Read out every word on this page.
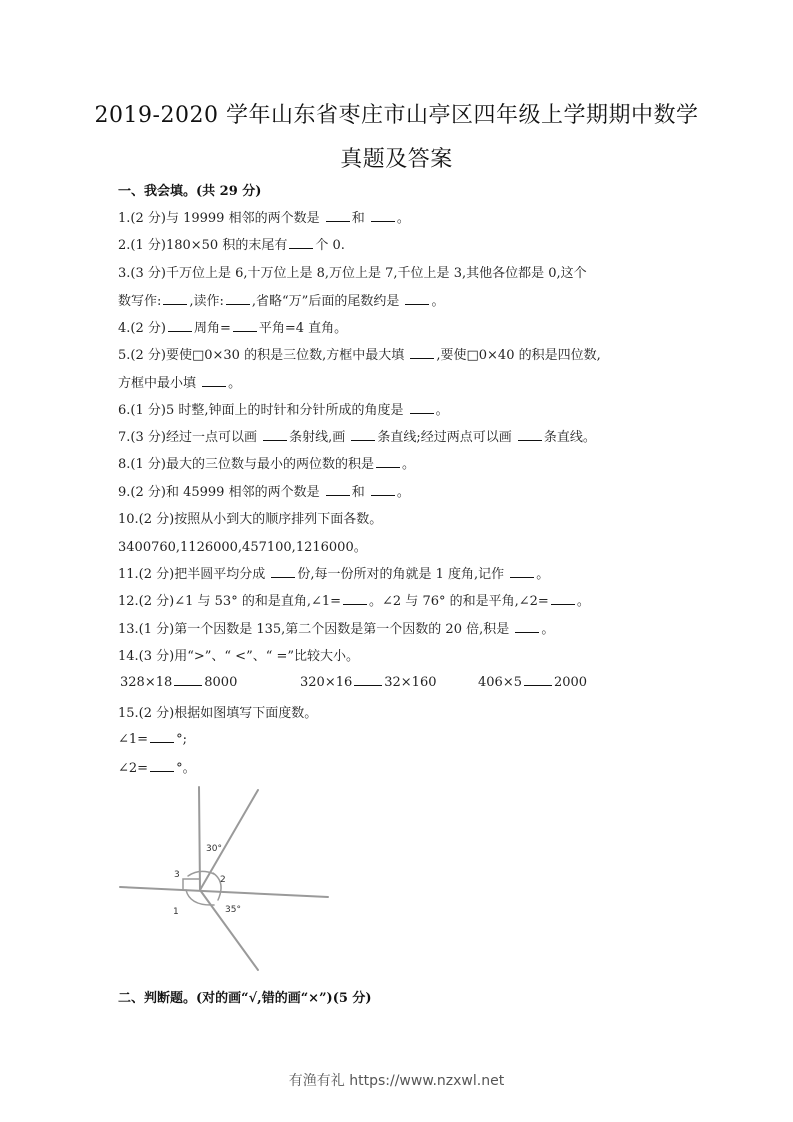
2019-2020 学年山东省枣庄市山亭区四年级上学期期中数学
真题及答案
一、我会填。(共 29 分)
1.(2 分)与 19999 相邻的两个数是 和 。
2.(1 分)180×50 积的末尾有 个 0.
3.(3 分)千万位上是 6,十万位上是 8,万位上是 7,千位上是 3,其他各位都是 0,这个
数写作: ,读作: ,省略“万”后面的尾数约是 。
4.(2 分) 周角= 平角=4 直角。
5.(2 分)要使□0×30 的积是三位数,方框中最大填 ,要使□0×40 的积是四位数,
方框中最小填 。
6.(1 分)5 时整,钟面上的时针和分针所成的角度是 。
7.(3 分)经过一点可以画 条射线,画 条直线;经过两点可以画 条直线。
8.(1 分)最大的三位数与最小的两位数的积是 。
9.(2 分)和 45999 相邻的两个数是 和 。
10.(2 分)按照从小到大的顺序排列下面各数。
3400760,1126000,457100,1216000。
11.(2 分)把半圆平均分成 份,每一份所对的角就是 1 度角,记作 。
12.(2 分)∠1 与 53° 的和是直角,∠1= 。∠2 与 76° 的和是平角,∠2= 。
13.(1 分)第一个因数是 135,第二个因数是第一个因数的 20 倍,积是 。
14.(3 分)用“>”、“ <”、“ =”比较大小。
328×18 8000	320×16 32×160	406×5 2000
15.(2 分)根据如图填写下面度数。
∠1= °;
∠2= °。
30°
3	2
1	35°
二、判断题。(对的画“√,错的画“×”)(5 分)
有渔有礼 https://www.nzxwl.net
